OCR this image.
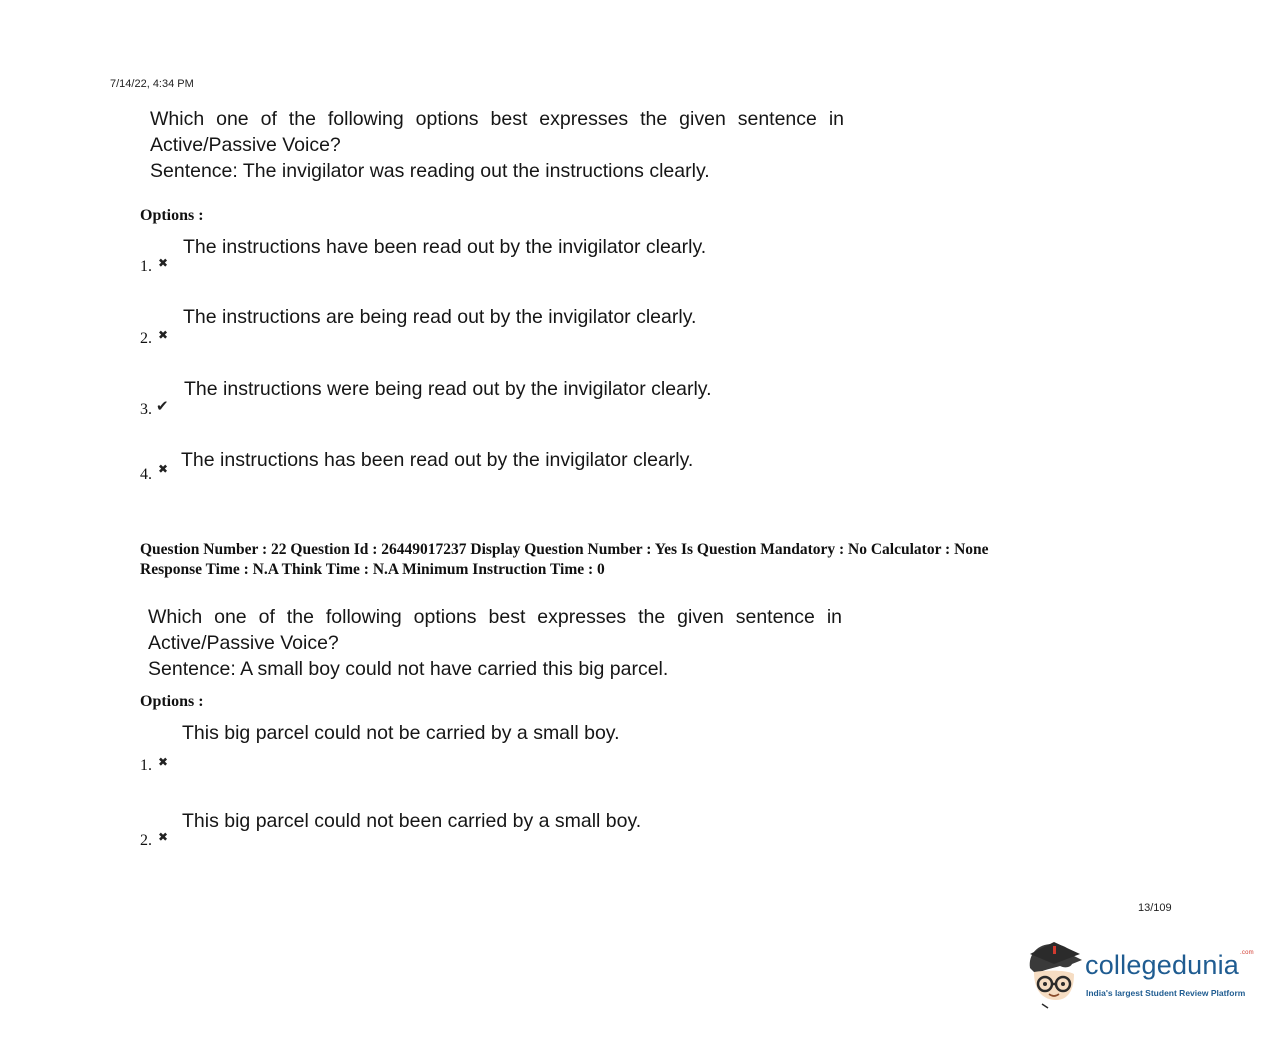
7/14/22, 4:34 PM
Which one of the following options best expresses the given sentence in
Active/Passive Voice?
Sentence: The invigilator was reading out the instructions clearly.
Options :
The instructions have been read out by the invigilator clearly.
1. ✖
The instructions are being read out by the invigilator clearly.
2. ✖
The instructions were being read out by the invigilator clearly.
3. ✔
The instructions has been read out by the invigilator clearly.
4. ✖
Question Number : 22 Question Id : 26449017237 Display Question Number : Yes Is Question Mandatory : No Calculator : None
Response Time : N.A Think Time : N.A Minimum Instruction Time : 0
Which one of the following options best expresses the given sentence in
Active/Passive Voice?
Sentence: A small boy could not have carried this big parcel.
Options :
This big parcel could not be carried by a small boy.
1. ✖
This big parcel could not been carried by a small boy.
2. ✖
13/109
collegedunia$^{.com}$
India's largest Student Review Platform
